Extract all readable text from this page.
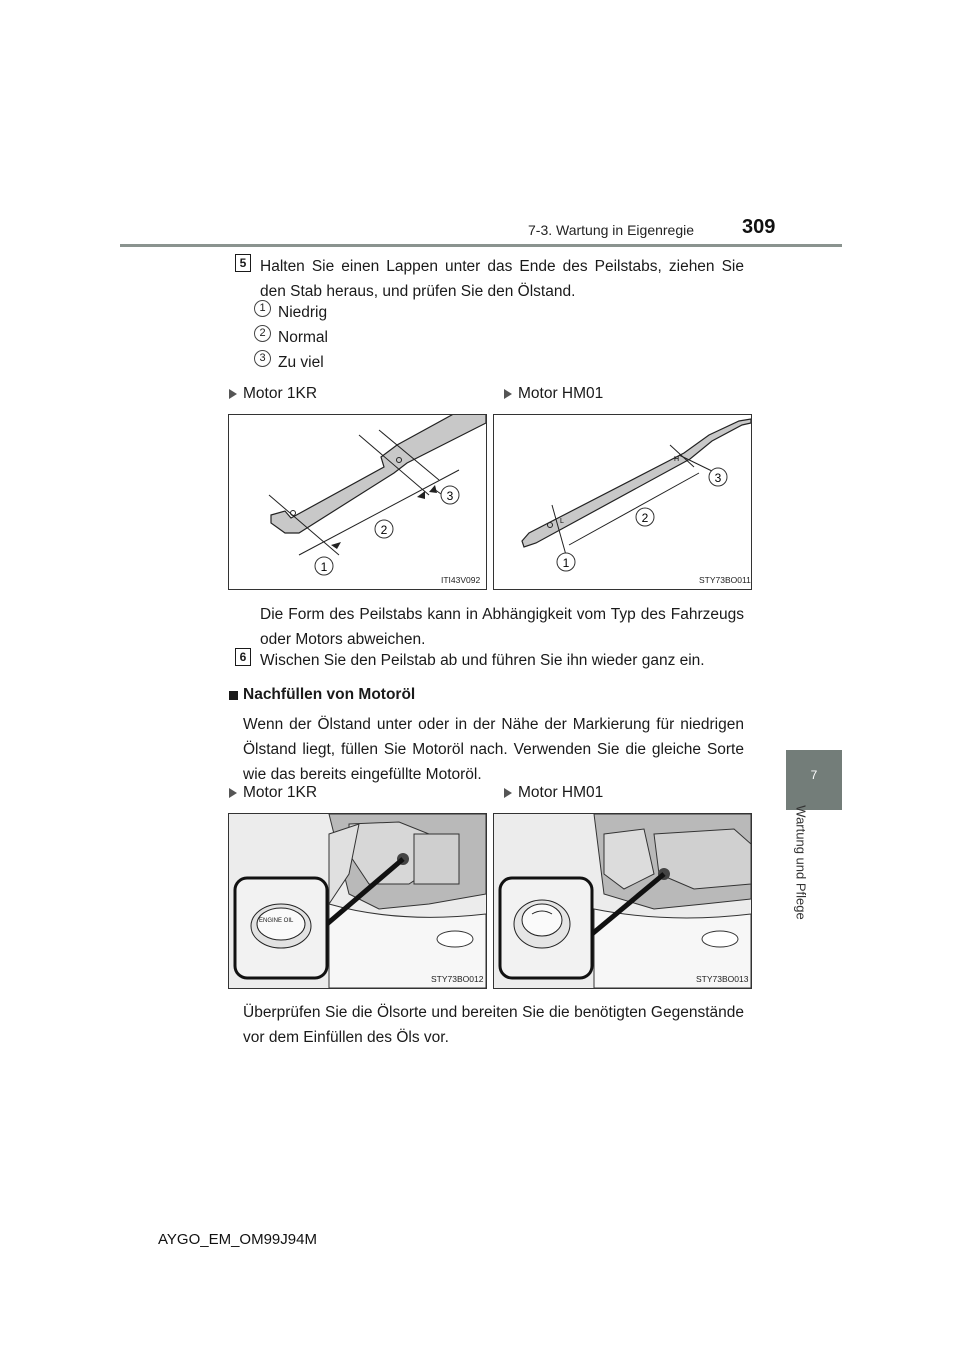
7-3. Wartung in Eigenregie 309
7
Wartung und Pflege
5 Halten Sie einen Lappen unter das Ende des Peilstabs, ziehen Sie den Stab heraus, und prüfen Sie den Ölstand.
1 Niedrig
2 Normal
3 Zu viel
Motor 1KR	Motor HM01
1
2
3
ITI43V092
L
H
1
2
3
STY73BO011
Die Form des Peilstabs kann in Abhängigkeit vom Typ des Fahrzeugs oder Motors abweichen.
6 Wischen Sie den Peilstab ab und führen Sie ihn wieder ganz ein.
Nachfüllen von Motoröl
Wenn der Ölstand unter oder in der Nähe der Markierung für niedrigen Ölstand liegt, füllen Sie Motoröl nach. Verwenden Sie die gleiche Sorte wie das bereits eingefüllte Motoröl.
Motor 1KR	Motor HM01
ENGINE OIL
STY73BO012	STY73BO013
Überprüfen Sie die Ölsorte und bereiten Sie die benötigten Gegenstände vor dem Einfüllen des Öls vor.
AYGO_EM_OM99J94M
